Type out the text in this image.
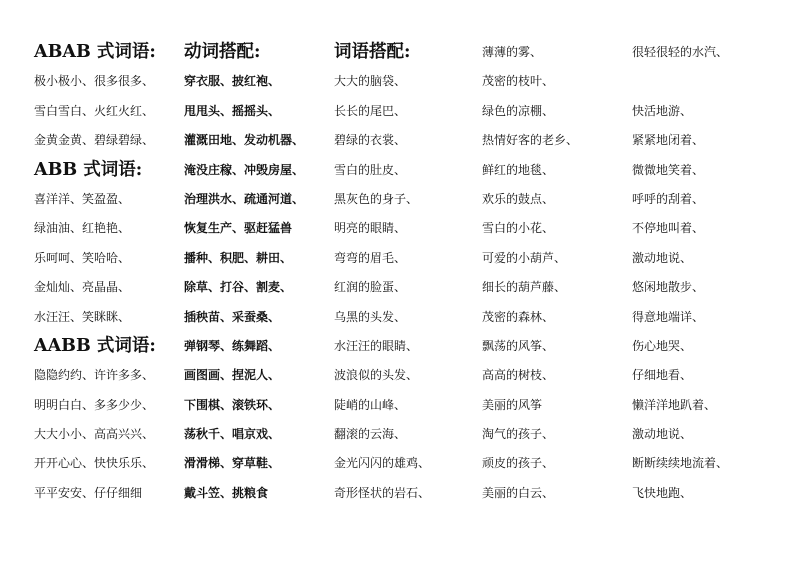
ABAB 式词语:
极小极小、很多很多、
雪白雪白、火红火红、
金黄金黄、碧绿碧绿、
ABB 式词语:
喜洋洋、笑盈盈、
绿油油、红艳艳、
乐呵呵、笑哈哈、
金灿灿、亮晶晶、
水汪汪、笑眯眯、
AABB 式词语:
隐隐约约、许许多多、
明明白白、多多少少、
大大小小、高高兴兴、
开开心心、快快乐乐、
平平安安、仔仔细细
动词搭配:
穿衣服、披红袍、
甩甩头、摇摇头、
灌溉田地、发动机器、
淹没庄稼、冲毁房屋、
治理洪水、疏通河道、
恢复生产、驱赶猛兽
播种、积肥、耕田、
除草、打谷、割麦、
插秧苗、采蚕桑、
弹钢琴、练舞蹈、
画图画、捏泥人、
下围棋、滚铁环、
荡秋千、唱京戏、
滑滑梯、穿草鞋、
戴斗笠、挑粮食
词语搭配:
大大的脑袋、
长长的尾巴、
碧绿的衣裳、
雪白的肚皮、
黑灰色的身子、
明亮的眼睛、
弯弯的眉毛、
红润的脸蛋、
乌黑的头发、
水汪汪的眼睛、
波浪似的头发、
陡峭的山峰、
翻滚的云海、
金光闪闪的雄鸡、
奇形怪状的岩石、
薄薄的雾、
茂密的枝叶、
绿色的凉棚、
热情好客的老乡、
鲜红的地毯、
欢乐的鼓点、
雪白的小花、
可爱的小葫芦、
细长的葫芦藤、
茂密的森林、
飘荡的风筝、
高高的树枝、
美丽的风筝
淘气的孩子、
顽皮的孩子、
美丽的白云、
很轻很轻的水汽、
快活地游、
紧紧地闭着、
微微地笑着、
呼呼的刮着、
不停地叫着、
激动地说、
悠闲地散步、
得意地端详、
伤心地哭、
仔细地看、
懒洋洋地趴着、
激动地说、
断断续续地流着、
飞快地跑、
